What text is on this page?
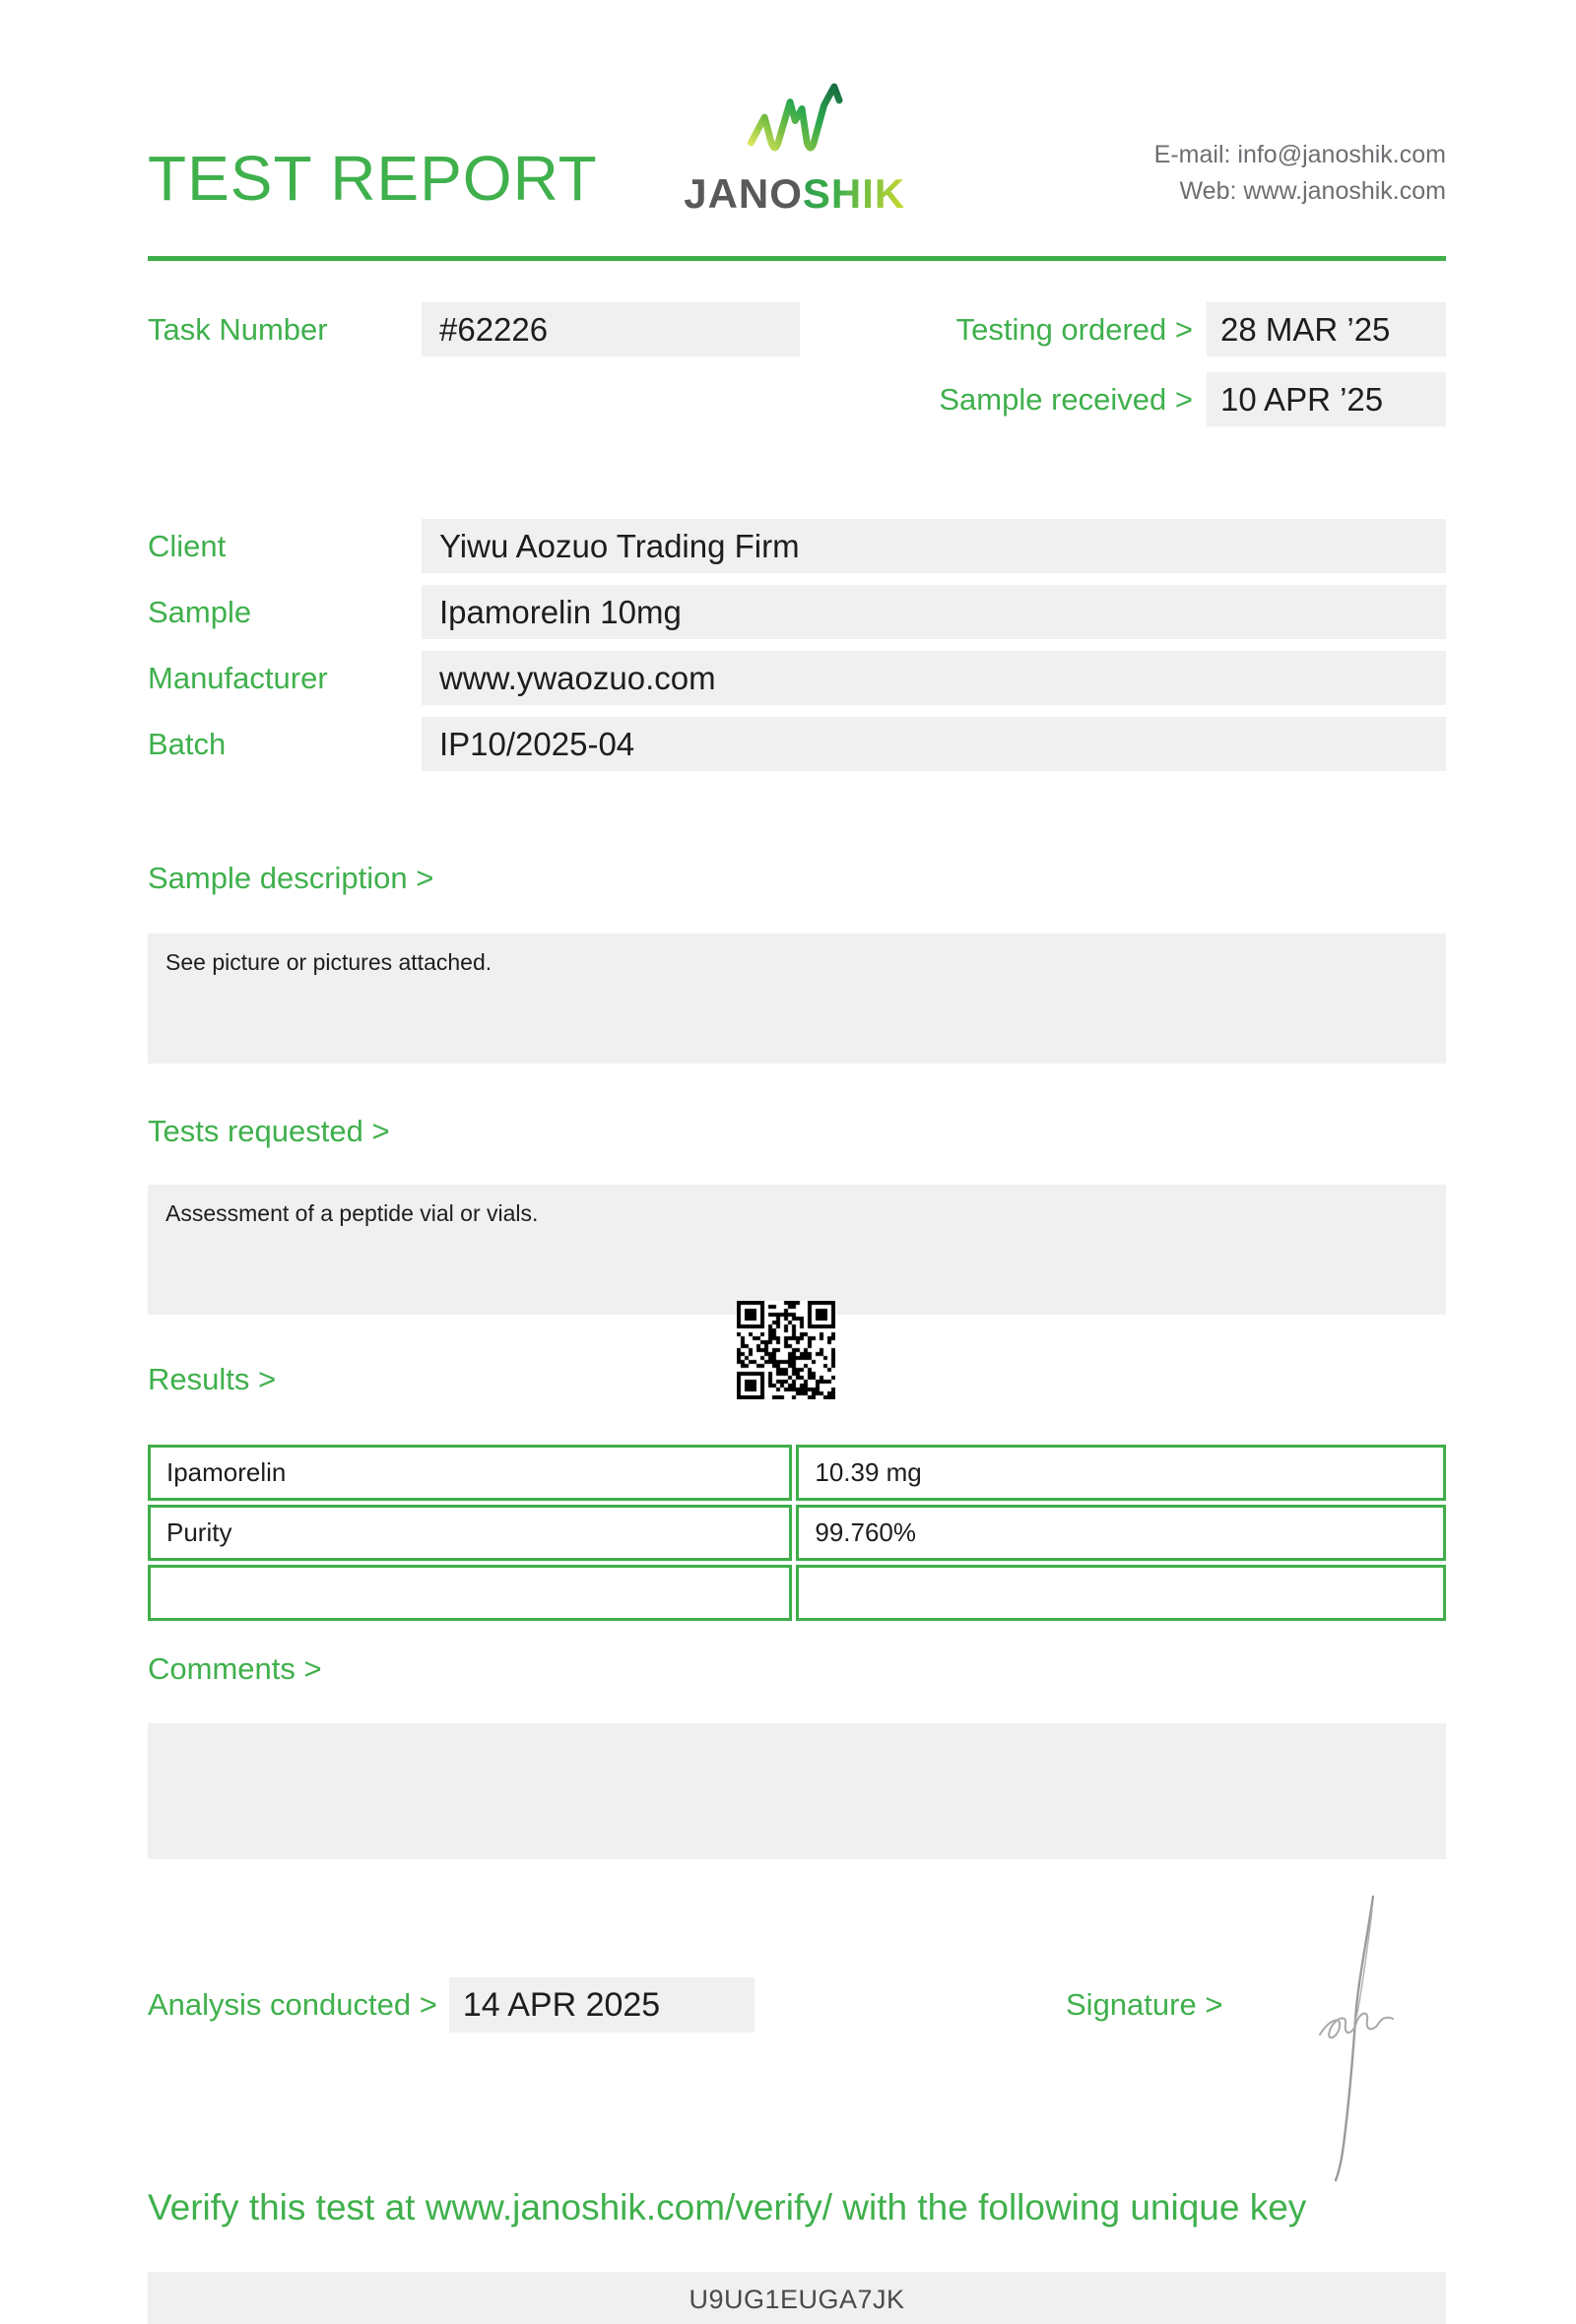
TEST REPORT JANOSHIK
E-mail: info@janoshik.com
Web: www.janoshik.com
Task Number	#62226	Testing ordered > 28 MAR ’25
Sample received > 10 APR ’25
Client	Yiwu Aozuo Trading Firm
Sample	Ipamorelin 10mg
Manufacturer	www.ywaozuo.com
Batch	IP10/2025-04
Sample description >
See picture or pictures attached.
Tests requested >
Assessment of a peptide vial or vials.
Results >
Ipamorelin	10.39 mg
Purity	99.760%

Comments >
Analysis conducted > 14 APR 2025	Signature >
Verify this test at www.janoshik.com/verify/ with the following unique key
U9UG1EUGA7JK
